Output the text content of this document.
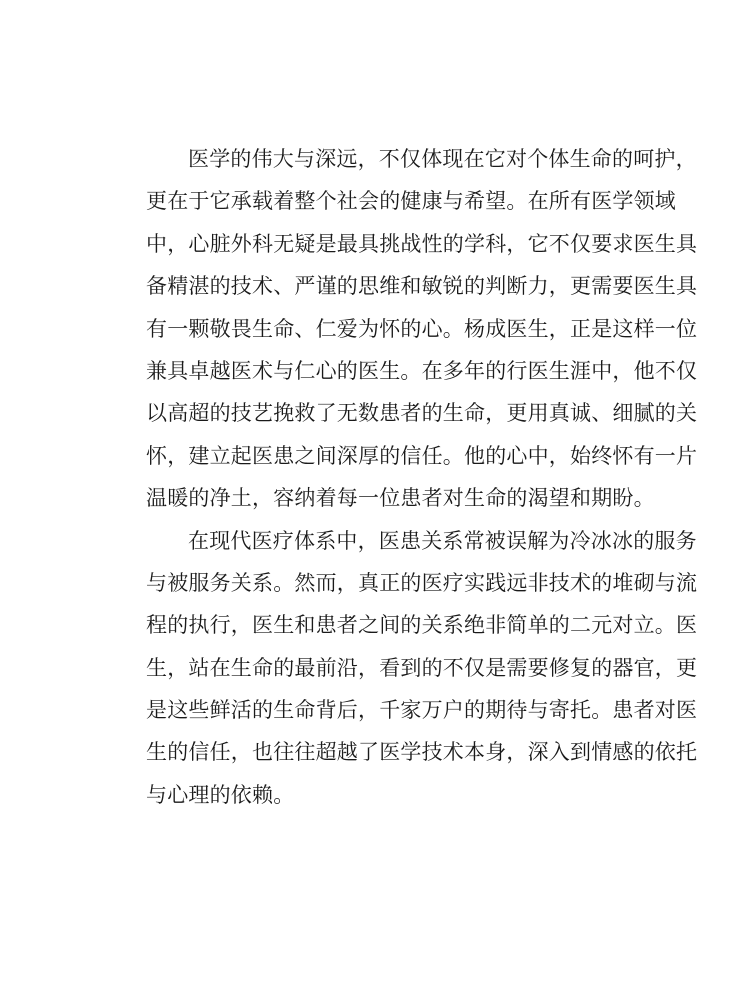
医学的伟大与深远，不仅体现在它对个体生命的呵护，
更在于它承载着整个社会的健康与希望。在所有医学领域
中，心脏外科无疑是最具挑战性的学科，它不仅要求医生具
备精湛的技术、严谨的思维和敏锐的判断力，更需要医生具
有一颗敬畏生命、仁爱为怀的心。杨成医生，正是这样一位
兼具卓越医术与仁心的医生。在多年的行医生涯中，他不仅
以高超的技艺挽救了无数患者的生命，更用真诚、细腻的关
怀，建立起医患之间深厚的信任。他的心中，始终怀有一片
温暖的净土，容纳着每一位患者对生命的渴望和期盼。

在现代医疗体系中，医患关系常被误解为冷冰冰的服务
与被服务关系。然而，真正的医疗实践远非技术的堆砌与流
程的执行，医生和患者之间的关系绝非简单的二元对立。医
生，站在生命的最前沿，看到的不仅是需要修复的器官，更
是这些鲜活的生命背后，千家万户的期待与寄托。患者对医
生的信任，也往往超越了医学技术本身，深入到情感的依托
与心理的依赖。
